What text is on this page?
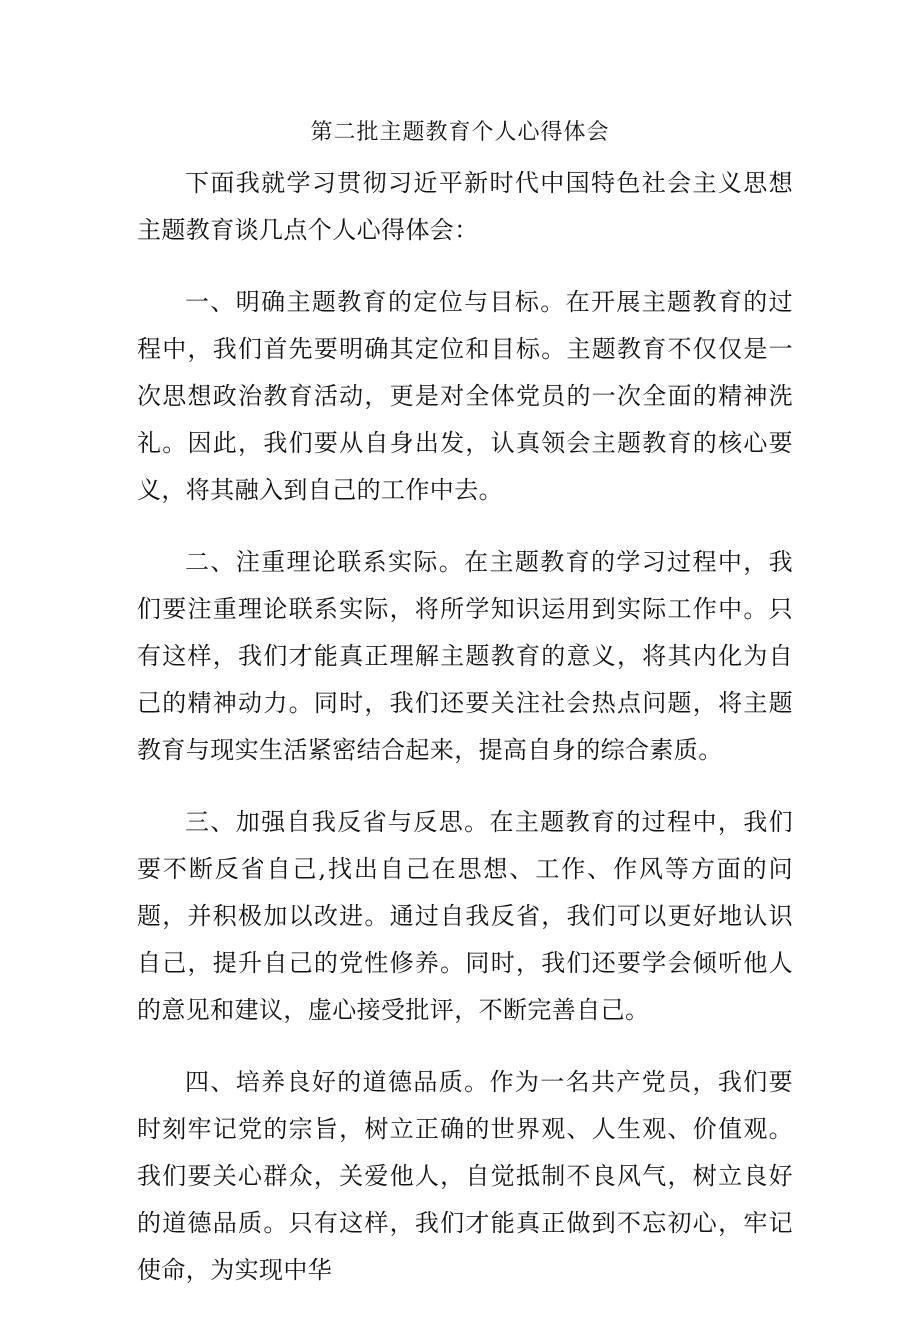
第二批主题教育个人心得体会

下面我就学习贯彻习近平新时代中国特色社会主义思想主题教育谈几点个人心得体会：

一、明确主题教育的定位与目标。在开展主题教育的过程中，我们首先要明确其定位和目标。主题教育不仅仅是一次思想政治教育活动，更是对全体党员的一次全面的精神洗礼。因此，我们要从自身出发，认真领会主题教育的核心要义，将其融入到自己的工作中去。

二、注重理论联系实际。在主题教育的学习过程中，我们要注重理论联系实际，将所学知识运用到实际工作中。只有这样，我们才能真正理解主题教育的意义，将其内化为自己的精神动力。同时，我们还要关注社会热点问题，将主题教育与现实生活紧密结合起来，提高自身的综合素质。

三、加强自我反省与反思。在主题教育的过程中，我们要不断反省自己,找出自己在思想、工作、作风等方面的问题，并积极加以改进。通过自我反省，我们可以更好地认识自己，提升自己的党性修养。同时，我们还要学会倾听他人的意见和建议，虚心接受批评，不断完善自己。

四、培养良好的道德品质。作为一名共产党员，我们要时刻牢记党的宗旨，树立正确的世界观、人生观、价值观。我们要关心群众，关爱他人，自觉抵制不良风气，树立良好的道德品质。只有这样，我们才能真正做到不忘初心，牢记使命，为实现中华
